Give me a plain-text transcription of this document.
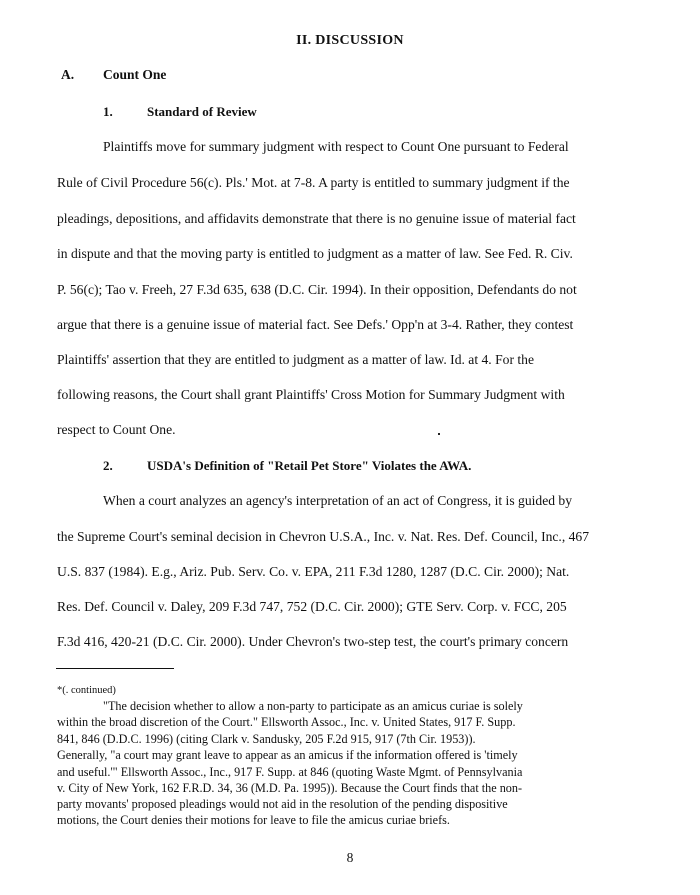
II. DISCUSSION
A. Count One
1.	Standard of Review
Plaintiffs move for summary judgment with respect to Count One pursuant to Federal
Rule of Civil Procedure 56(c). Pls.' Mot. at 7-8. A party is entitled to summary judgment if the
pleadings, depositions, and affidavits demonstrate that there is no genuine issue of material fact
in dispute and that the moving party is entitled to judgment as a matter of law. See Fed. R. Civ.
P. 56(c); Tao v. Freeh, 27 F.3d 635, 638 (D.C. Cir. 1994). In their opposition, Defendants do not
argue that there is a genuine issue of material fact. See Defs.' Opp'n at 3-4. Rather, they contest
Plaintiffs' assertion that they are entitled to judgment as a matter of law. Id. at 4. For the
following reasons, the Court shall grant Plaintiffs' Cross Motion for Summary Judgment with
respect to Count One.
2.	USDA's Definition of "Retail Pet Store" Violates the AWA.
When a court analyzes an agency's interpretation of an act of Congress, it is guided by
the Supreme Court's seminal decision in Chevron U.S.A., Inc. v. Nat. Res. Def. Council, Inc., 467
U.S. 837 (1984). E.g., Ariz. Pub. Serv. Co. v. EPA, 211 F.3d 1280, 1287 (D.C. Cir. 2000); Nat.
Res. Def. Council v. Daley, 209 F.3d 747, 752 (D.C. Cir. 2000); GTE Serv. Corp. v. FCC, 205
F.3d 416, 420-21 (D.C. Cir. 2000). Under Chevron's two-step test, the court's primary concern
*(. continued)
"The decision whether to allow a non-party to participate as an amicus curiae is solely
within the broad discretion of the Court." Ellsworth Assoc., Inc. v. United States, 917 F. Supp.
841, 846 (D.D.C. 1996) (citing Clark v. Sandusky, 205 F.2d 915, 917 (7th Cir. 1953)).
Generally, "a court may grant leave to appear as an amicus if the information offered is 'timely
and useful.'" Ellsworth Assoc., Inc., 917 F. Supp. at 846 (quoting Waste Mgmt. of Pennsylvania
v. City of New York, 162 F.R.D. 34, 36 (M.D. Pa. 1995)). Because the Court finds that the non-
party movants' proposed pleadings would not aid in the resolution of the pending dispositive
motions, the Court denies their motions for leave to file the amicus curiae briefs.
8
